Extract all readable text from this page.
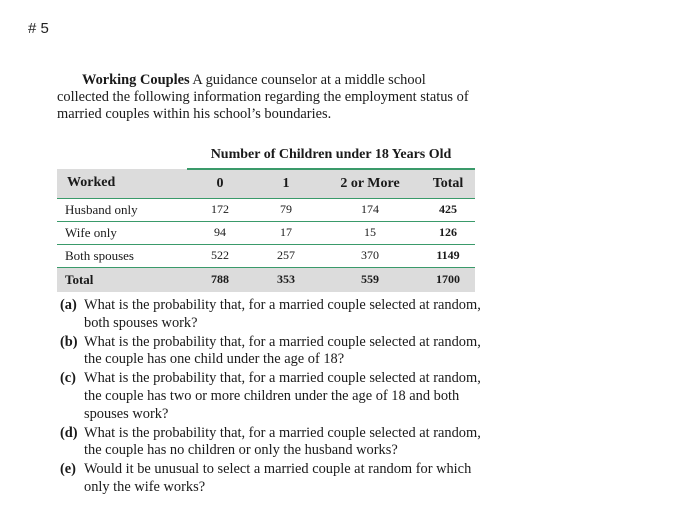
# 5

Working Couples A guidance counselor at a middle school collected the following information regarding the employment status of married couples within his school’s boundaries.

	Number of Children under 18 Years Old			
Worked	0	1	2 or More	Total
Husband only	172	79	174	425
Wife only	94	17	15	126
Both spouses	522	257	370	1149
Total	788	353	559	1700
(a) What is the probability that, for a married couple selected at random, both spouses work?
(b) What is the probability that, for a married couple selected at random, the couple has one child under the age of 18?
(c) What is the probability that, for a married couple selected at random, the couple has two or more children under the age of 18 and both spouses work?
(d) What is the probability that, for a married couple selected at random, the couple has no children or only the husband works?
(e) Would it be unusual to select a married couple at random for which only the wife works?
